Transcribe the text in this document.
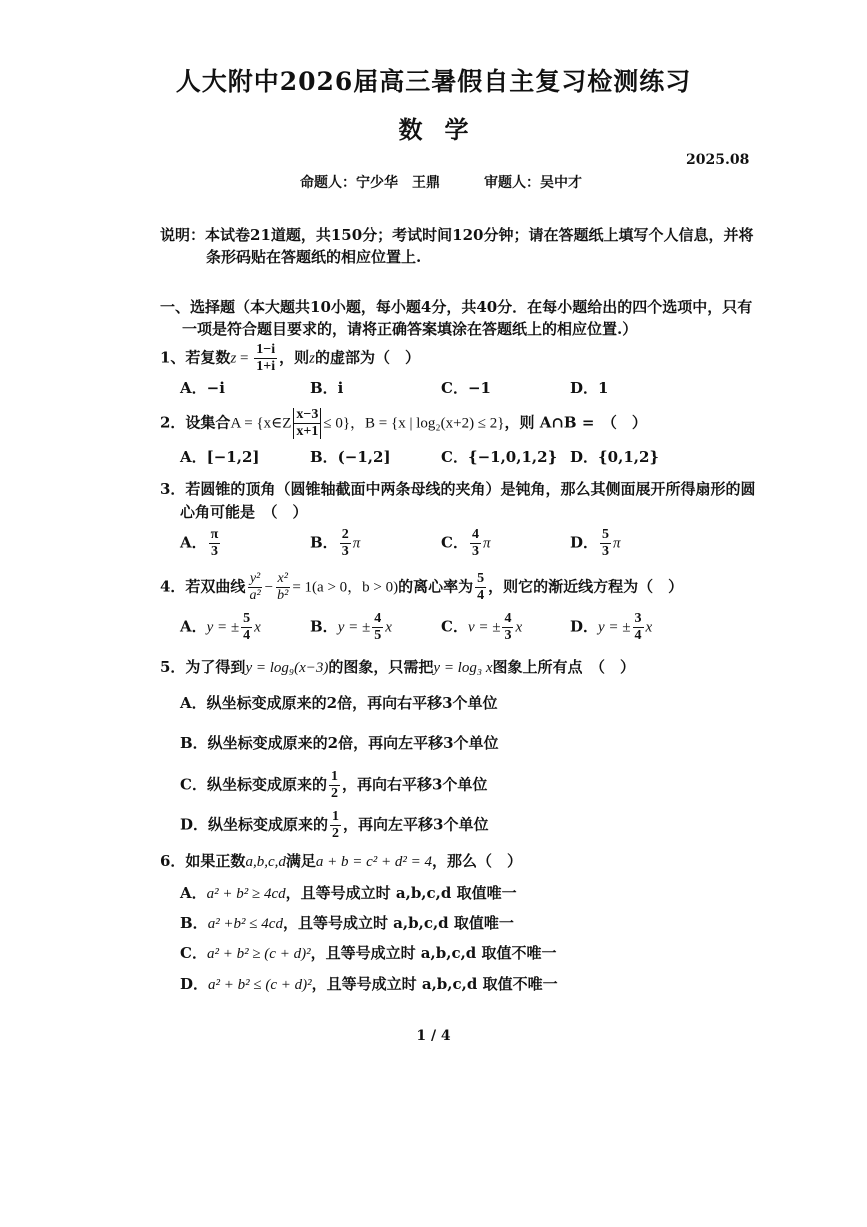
人大附中2026届高三暑假自主复习检测练习
数学
2025.08
命题人：宁少华　王鼎	审题人：吴中才
说明：本试卷21道题，共150分；考试时间120分钟；请在答题纸上填写个人信息，并将
条形码贴在答题纸的相应位置上.
一、选择题（本大题共10小题，每小题4分，共40分．在每小题给出的四个选项中，只有
一项是符合题目要求的，请将正确答案填涂在答题纸上的相应位置.）
1、若复数$z = \frac{1-i}{1+i}$ ，则z的虚部为（　）
A．−i	B．i	C．−1	D．1
2．设集合A = {x∈Z $\frac{x-3}{x+1} \le 0$}，B = {x | log₂(x+2) ≤ 2}，则 A∩B =　（　）
A．[−1,2]	B．(−1,2]	C．{−1,0,1,2} D．{0,1,2}
3．若圆锥的顶角（圆锥轴截面中两条母线的夹角）是钝角，那么其侧面展开所得扇形的圆
心角可能是　（　）
A． $\frac{\pi}{3}$	B． $\frac{2}{3}$ π	C． $\frac{4}{3}$ π	D． $\frac{5}{3}$ π
4．若双曲线 $\frac{\text{y²}}{\text{a²}} - \frac{\text{x²}}{\text{b²}} = 1(a > 0$，b > 0)的离心率为 $\frac{5}{4}$ ，则它的渐近线方程为（　）
A．y = ± $\frac{5}{4}$ x	B．y = ± $\frac{4}{5}$ x	C．v = ± $\frac{4}{3}$ x	D．y = ± $\frac{3}{4}$ x
5．为了得到y = log₉(x−3)的图象，只需把y = log₃ x图象上所有点　（　）
A．纵坐标变成原来的2倍，再向右平移3个单位
B．纵坐标变成原来的2倍，再向左平移3个单位
C．纵坐标变成原来的 $\frac{1}{2}$ ，再向右平移3个单位
D．纵坐标变成原来的 $\frac{1}{2}$ ，再向左平移3个单位
6．如果正数a,b,c,d满足a + b = c² + d² = 4，那么（　）
A．a² + b² ≥ 4cd，且等号成立时 a,b,c,d 取值唯一
B．a² +b² ≤ 4cd，且等号成立时 a,b,c,d 取值唯一
C．a² + b² ≥ (c + d)²，且等号成立时 a,b,c,d 取值不唯一
D．a² + b² ≤ (c + d)²，且等号成立时 a,b,c,d 取值不唯一
1 / 4
